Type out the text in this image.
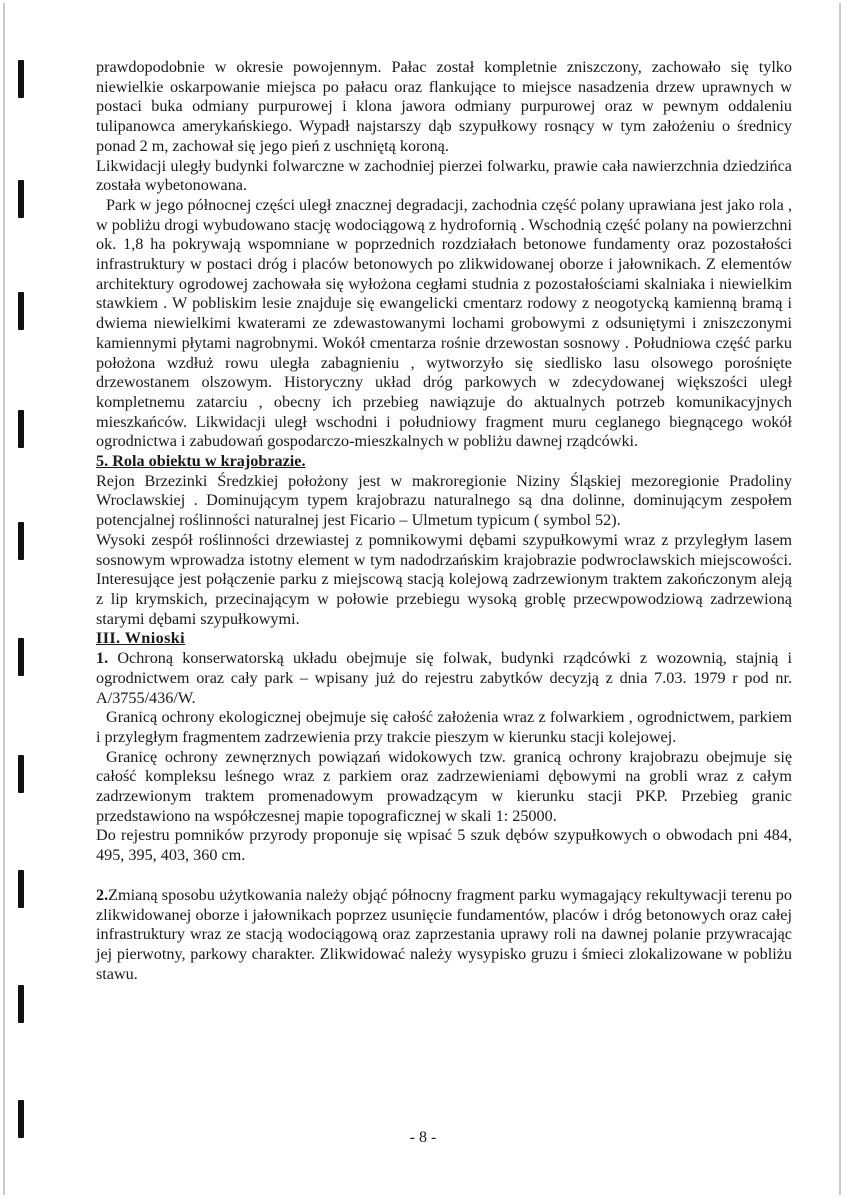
prawdopodobnie w okresie powojennym. Pałac został kompletnie zniszczony, zachowało się tylko niewielkie oskarpowanie miejsca po pałacu oraz flankujące to miejsce nasadzenia drzew uprawnych w postaci buka odmiany purpurowej i klona jawora odmiany purpurowej oraz w pewnym oddaleniu tulipanowca amerykańskiego. Wypadł najstarszy dąb szypułkowy rosnący w tym założeniu o średnicy ponad 2 m, zachował się jego pień z uschniętą koroną.

Likwidacji uległy budynki folwarczne w zachodniej pierzei folwarku, prawie cała nawierzchnia dziedzińca została wybetonowana.

Park w jego północnej części uległ znacznej degradacji, zachodnia część polany uprawiana jest jako rola , w pobliżu drogi wybudowano stację wodociągową z hydrofornią . Wschodnią część polany na powierzchni ok. 1,8 ha pokrywają wspomniane w poprzednich rozdziałach betonowe fundamenty oraz pozostałości infrastruktury w postaci dróg i placów betonowych po zlikwidowanej oborze i jałownikach. Z elementów architektury ogrodowej zachowała się wyłożona cegłami studnia z pozostałościami skalniaka i niewielkim stawkiem . W pobliskim lesie znajduje się ewangelicki cmentarz rodowy z neogotycką kamienną bramą i dwiema niewielkimi kwaterami ze zdewastowanymi lochami grobowymi z odsuniętymi i zniszczonymi kamiennymi płytami nagrobnymi. Wokół cmentarza rośnie drzewostan sosnowy . Południowa część parku położona wzdłuż rowu uległa zabagnieniu , wytworzyło się siedlisko lasu olsowego porośnięte drzewostanem olszowym. Historyczny układ dróg parkowych w zdecydowanej większości uległ kompletnemu zatarciu , obecny ich przebieg nawiązuje do aktualnych potrzeb komunikacyjnych mieszkańców. Likwidacji uległ wschodni i południowy fragment muru ceglanego biegnącego wokół ogrodnictwa i zabudowań gospodarczo-mieszkalnych w pobliżu dawnej rządcówki.

5. Rola obiektu w krajobrazie.

Rejon Brzezinki Średzkiej położony jest w makroregionie Niziny Śląskiej mezoregionie Pradoliny Wroclawskiej . Dominującym typem krajobrazu naturalnego są dna dolinne, dominującym zespołem potencjalnej roślinności naturalnej jest Ficario – Ulmetum typicum ( symbol 52).

Wysoki zespół roślinności drzewiastej z pomnikowymi dębami szypułkowymi wraz z przyległym lasem sosnowym wprowadza istotny element w tym nadodrzańskim krajobrazie podwroclawskich miejscowości. Interesujące jest połączenie parku z miejscową stacją kolejową zadrzewionym traktem zakończonym aleją z lip krymskich, przecinającym w połowie przebiegu wysoką groblę przecwpowodziową zadrzewioną starymi dębami szypułkowymi.

III. Wnioski

1. Ochroną konserwatorską układu obejmuje się folwak, budynki rządcówki z wozownią, stajnią i ogrodnictwem oraz cały park – wpisany już do rejestru zabytków decyzją z dnia 7.03. 1979 r pod nr. A/3755/436/W.

Granicą ochrony ekologicznej obejmuje się całość założenia wraz z folwarkiem , ogrodnictwem, parkiem i przyległym fragmentem zadrzewienia przy trakcie pieszym w kierunku stacji kolejowej.

Granicę ochrony zewnęrznych powiązań widokowych tzw. granicą ochrony krajobrazu obejmuje się całość kompleksu leśnego wraz z parkiem oraz zadrzewieniami dębowymi na grobli wraz z całym zadrzewionym traktem promenadowym prowadzącym w kierunku stacji PKP. Przebieg granic przedstawiono na współczesnej mapie topograficznej w skali 1: 25000.

Do rejestru pomników przyrody proponuje się wpisać 5 szuk dębów szypułkowych o obwodach pni 484, 495, 395, 403, 360 cm.

2.Zmianą sposobu użytkowania należy objąć północny fragment parku wymagający rekultywacji terenu po zlikwidowanej oborze i jałownikach poprzez usunięcie fundamentów, placów i dróg betonowych oraz całej infrastruktury wraz ze stacją wodociągową oraz zaprzestania uprawy roli na dawnej polanie przywracając jej pierwotny, parkowy charakter. Zlikwidować należy wysypisko gruzu i śmieci zlokalizowane w pobliżu stawu.

- 8 -
